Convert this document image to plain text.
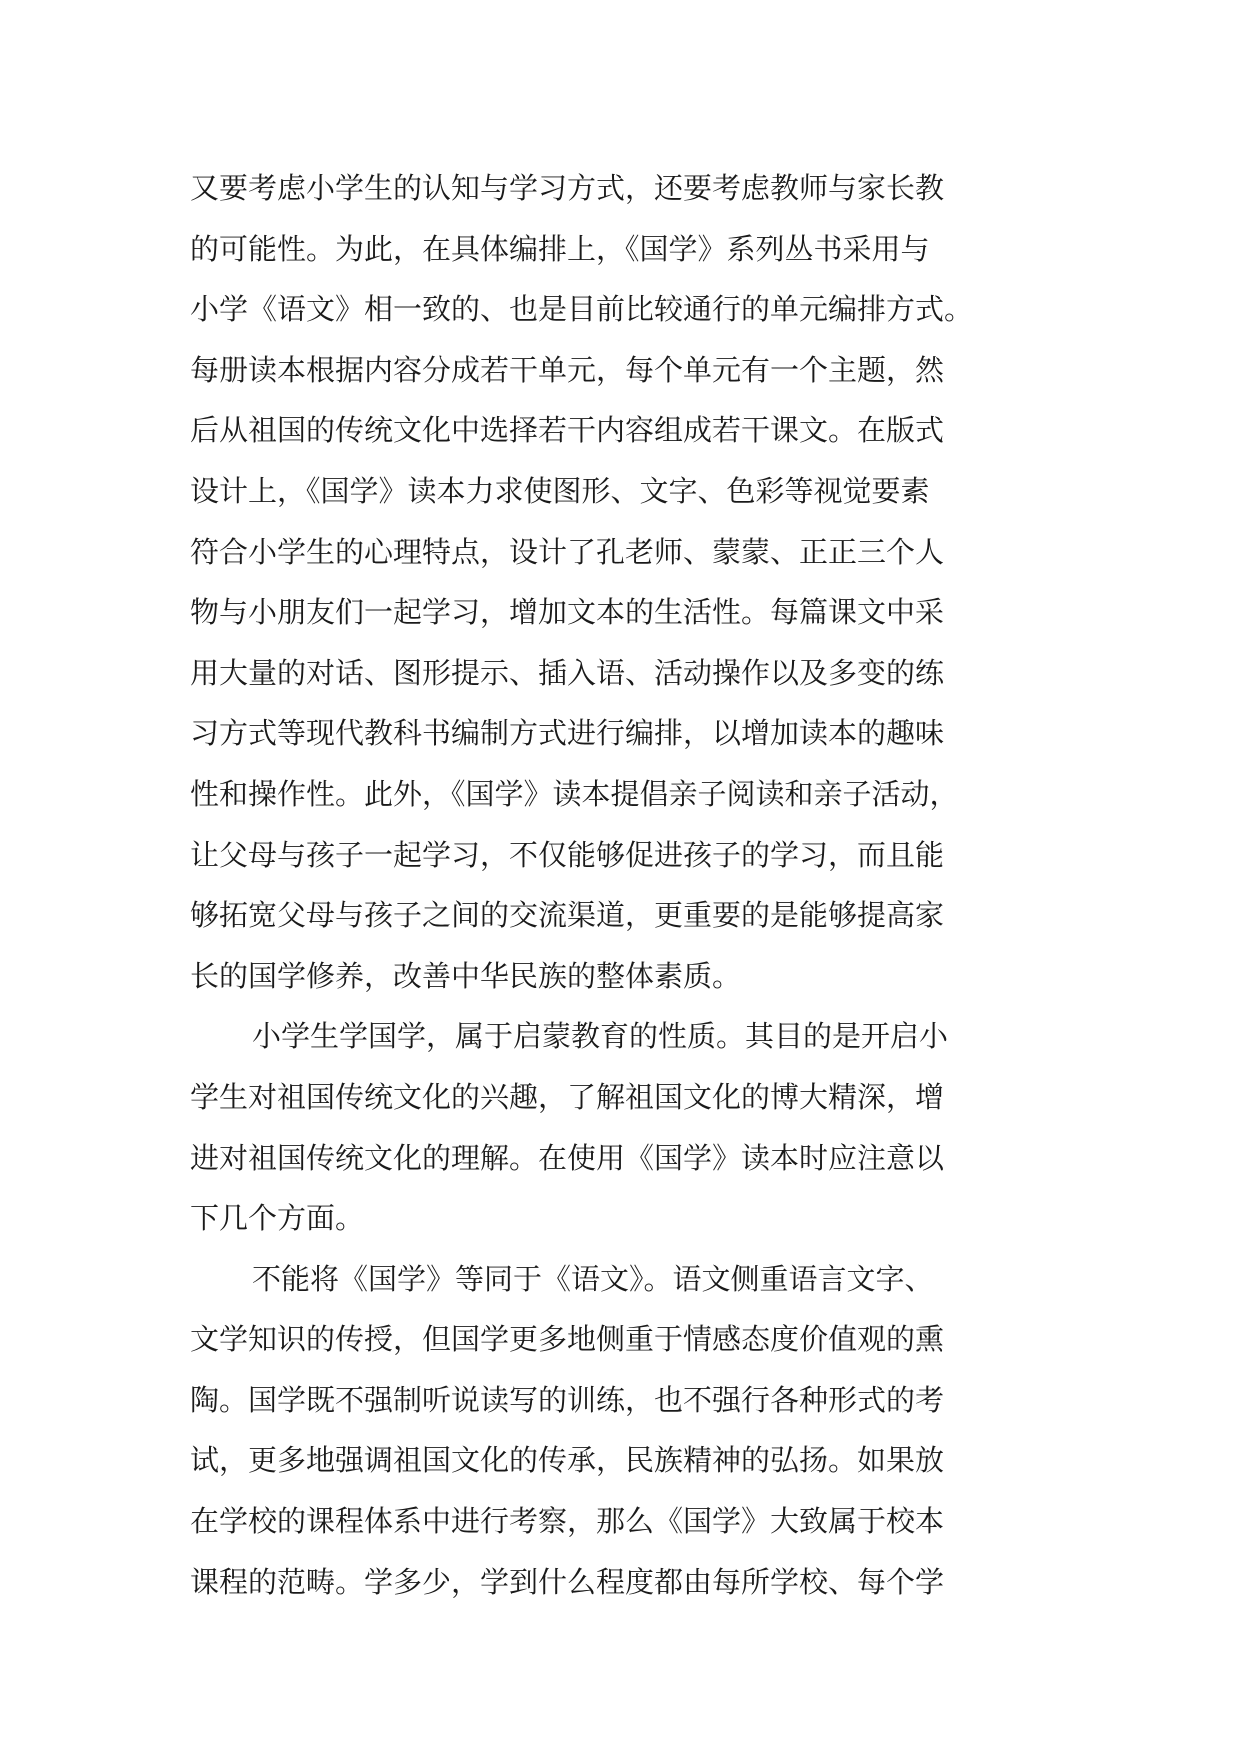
又要考虑小学生的认知与学习方式，还要考虑教师与家长教
的可能性。为此，在具体编排上，《国学》系列丛书采用与
小学《语文》相一致的、也是目前比较通行的单元编排方式。
每册读本根据内容分成若干单元，每个单元有一个主题，然
后从祖国的传统文化中选择若干内容组成若干课文。在版式
设计上，《国学》读本力求使图形、文字、色彩等视觉要素
符合小学生的心理特点，设计了孔老师、蒙蒙、正正三个人
物与小朋友们一起学习，增加文本的生活性。每篇课文中采
用大量的对话、图形提示、插入语、活动操作以及多变的练
习方式等现代教科书编制方式进行编排，以增加读本的趣味
性和操作性。此外，《国学》读本提倡亲子阅读和亲子活动，
让父母与孩子一起学习，不仅能够促进孩子的学习，而且能
够拓宽父母与孩子之间的交流渠道，更重要的是能够提高家
长的国学修养，改善中华民族的整体素质。
小学生学国学，属于启蒙教育的性质。其目的是开启小
学生对祖国传统文化的兴趣，了解祖国文化的博大精深，增
进对祖国传统文化的理解。在使用《国学》读本时应注意以
下几个方面。
不能将《国学》等同于《语文》。语文侧重语言文字、
文学知识的传授，但国学更多地侧重于情感态度价值观的熏
陶。国学既不强制听说读写的训练，也不强行各种形式的考
试，更多地强调祖国文化的传承，民族精神的弘扬。如果放
在学校的课程体系中进行考察，那么《国学》大致属于校本
课程的范畴。学多少，学到什么程度都由每所学校、每个学
